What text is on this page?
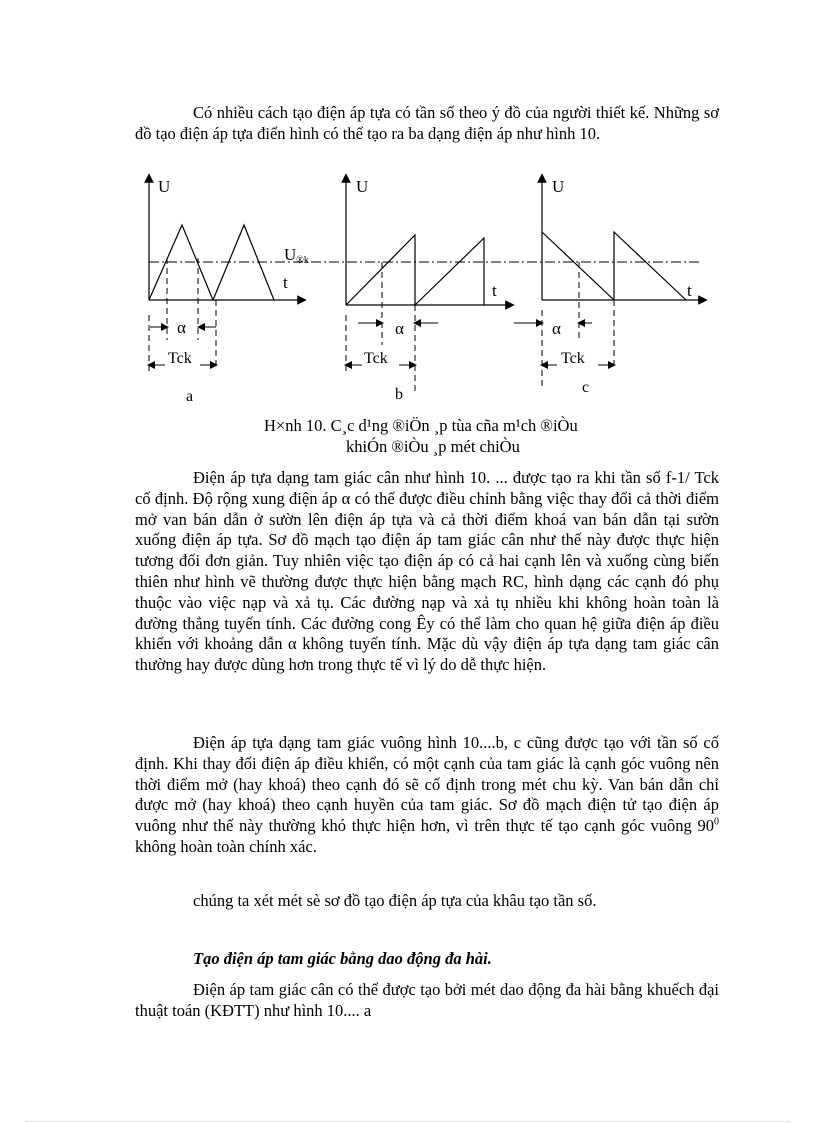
Có nhiều cách tạo điện áp tựa có tần số theo ý đồ của người thiết kế. Những sơ đồ tạo điện áp tựa điển hình có thể tạo ra ba dạng điện áp như hình 10.

U
t
U®k
α
Tck
a
U
t
α
Tck
b
U
t
α
Tck
c
H×nh 10. C¸c d¹ng ®iÖn ¸p tùa cña m¹ch ®iÒu
khiÓn ®iÒu ¸p mét chiÒu

Điện áp tựa dạng tam giác cân như hình 10. ... được tạo ra khi tần số f-1/ Tck cố định. Độ rộng xung điện áp α có thể được điều chỉnh bằng việc thay đổi cả thời điểm mở van bán dẫn ở sườn lên điện áp tựa và cả thời điểm khoá van bán dẫn tại sườn xuống điện áp tựa. Sơ đồ mạch tạo điện áp tam giác cân như thế này được thực hiện tương đối đơn giản. Tuy nhiên việc tạo điện áp có cả hai cạnh lên và xuống cùng biến thiên như hình vẽ thường được thực hiện bằng mạch RC, hình dạng các cạnh đó phụ thuộc vào việc nạp và xả tụ. Các đường nạp và xả tụ nhiều khi không hoàn toàn là đường thẳng tuyến tính. Các đường cong Êy có thể làm cho quan hệ giữa điện áp điều khiển với khoảng dẫn α không tuyến tính. Mặc dù vậy điện áp tựa dạng tam giác cân thường hay được dùng hơn trong thực tế vì lý do dễ thực hiện.

Điện áp tựa dạng tam giác vuông hình 10....b, c cũng được tạo với tần số cố định. Khi thay đổi điện áp điều khiển, có một cạnh của tam giác là cạnh góc vuông nên thời điểm mở (hay khoá) theo cạnh đó sẽ cố định trong mét chu kỳ. Van bán dẫn chỉ được mở (hay khoá) theo cạnh huyền của tam giác. Sơ đồ mạch điện tử tạo điện áp vuông như thế này thường khó thực hiện hơn, vì trên thực tế tạo cạnh góc vuông $90^0$ không hoàn toàn chính xác.

chúng ta xét mét sè sơ đồ tạo điện áp tựa của khâu tạo tần số.

Tạo điện áp tam giác bằng dao động đa hài.

Điện áp tam giác cân có thể được tạo bởi mét dao động đa hài bằng khuếch đại thuật toán (KĐTT) như hình 10.... a
